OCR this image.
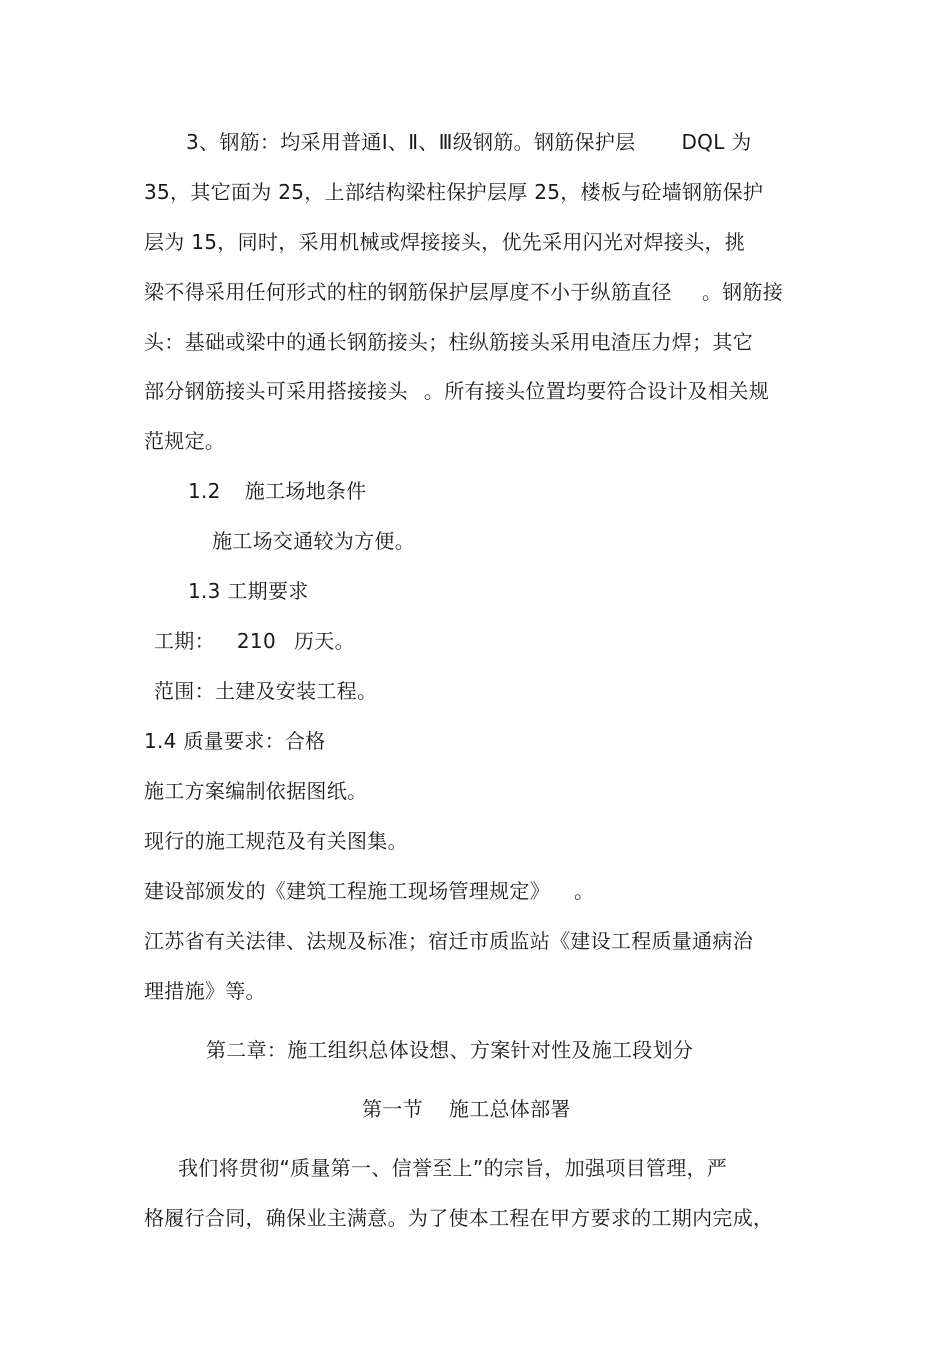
3、钢筋：均采用普通Ⅰ、Ⅱ、Ⅲ级钢筋。钢筋保护层 DQL 为
35，其它面为 25，上部结构梁柱保护层厚 25，楼板与砼墙钢筋保护
层为 15，同时，采用机械或焊接接头，优先采用闪光对焊接头，挑
梁不得采用任何形式的柱的钢筋保护层厚度不小于纵筋直径 。钢筋接
头：基础或梁中的通长钢筋接头；柱纵筋接头采用电渣压力焊；其它
部分钢筋接头可采用搭接接头 。所有接头位置均要符合设计及相关规
范规定。
1.2 施工场地条件
施工场交通较为方便。
1.3 工期要求
工期： 210 历天。
范围：土建及安装工程。
1.4 质量要求：合格
施工方案编制依据图纸。
现行的施工规范及有关图集。
建设部颁发的《建筑工程施工现场管理规定》 。
江苏省有关法律、法规及标准；宿迁市质监站《建设工程质量通病治
理措施》等。
第二章：施工组织总体设想、方案针对性及施工段划分
第一节 施工总体部署
我们将贯彻“质量第一、信誉至上”的宗旨，加强项目管理，严
格履行合同，确保业主满意。为了使本工程在甲方要求的工期内完成，
